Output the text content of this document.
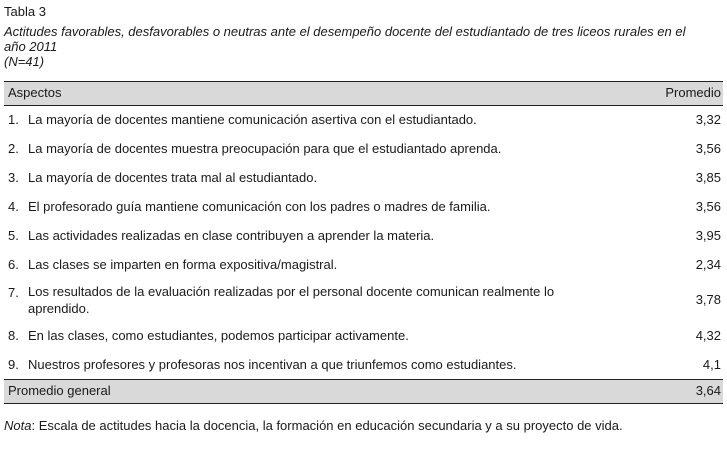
Tabla 3

Actitudes favorables, desfavorables o neutras ante el desempeño docente del estudiantado de tres liceos rurales en el
año 2011
(N=41)

Aspectos		Promedio
1.	La mayoría de docentes mantiene comunicación asertiva con el estudiantado.	3,32
2.	La mayoría de docentes muestra preocupación para que el estudiantado aprenda.	3,56
3.	La mayoría de docentes trata mal al estudiantado.	3,85
4.	El profesorado guía mantiene comunicación con los padres o madres de familia.	3,56
5.	Las actividades realizadas en clase contribuyen a aprender la materia.	3,95
6.	Las clases se imparten en forma expositiva/magistral.	2,34
7.	Los resultados de la evaluación realizadas por el personal docente comunican realmente lo aprendido.	3,78
8.	En las clases, como estudiantes, podemos participar activamente.	4,32
9.	Nuestros profesores y profesoras nos incentivan a que triunfemos como estudiantes.	4,1
Promedio general		3,64
Nota: Escala de actitudes hacia la docencia, la formación en educación secundaria y a su proyecto de vida.
